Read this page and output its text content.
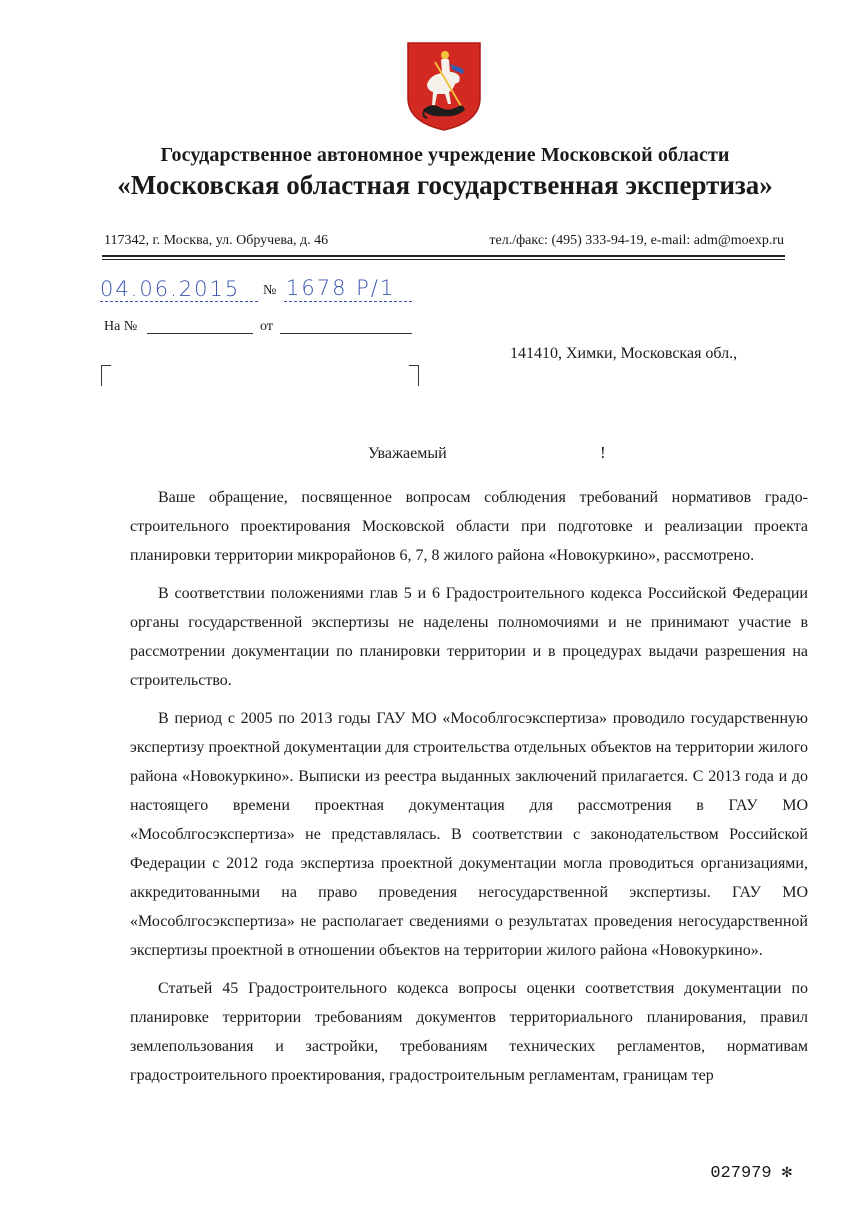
Государственное автономное учреждение Московской области
«Московская областная государственная экспертиза»
117342, г. Москва, ул. Обручева, д. 46	тел./факс: (495) 333-94-19, e-mail: adm@moexp.ru
04.06.2015 № 1678 Р/1
На №	от
141410, Химки, Московская обл.,
Уважаемый	!

Ваше обращение, посвященное вопросам соблюдения требований нормативов градостроительного проектирования Московской области при подготовке и реализации проекта планировки территории микрорайонов 6, 7, 8 жилого района «Новокуркино», рассмотрено.

В соответствии положениями глав 5 и 6 Градостроительного кодекса Российской Федерации органы государственной экспертизы не наделены полномочиями и не принимают участие в рассмотрении документации по планировки территории и в процедурах выдачи разрешения на строительство.

В период с 2005 по 2013 годы ГАУ МО «Мособлгосэкспертиза» проводило государственную экспертизу проектной документации для строительства отдельных объектов на территории жилого района «Новокуркино». Выписки из реестра выданных заключений прилагается. С 2013 года и до настоящего времени проектная документация для рассмотрения в ГАУ МО «Мособлгосэкспертиза» не представлялась. В соответствии с законодательством Российской Федерации с 2012 года экспертиза проектной документации могла проводиться организациями, аккредитованными на право проведения негосударственной экспертизы. ГАУ МО «Мособлгосэкспертиза» не располагает сведениями о результатах проведения негосударственной экспертизы проектной в отношении объектов на территории жилого района «Новокуркино».

Статьей 45 Градостроительного кодекса вопросы оценки соответствия документации по планировке территории требованиям документов территориального планирования, правил землепользования и застройки, требованиям технических регламентов, нормативам градостроительного проектирования, градостроительным регламентам, границам тер

027979 ✻
